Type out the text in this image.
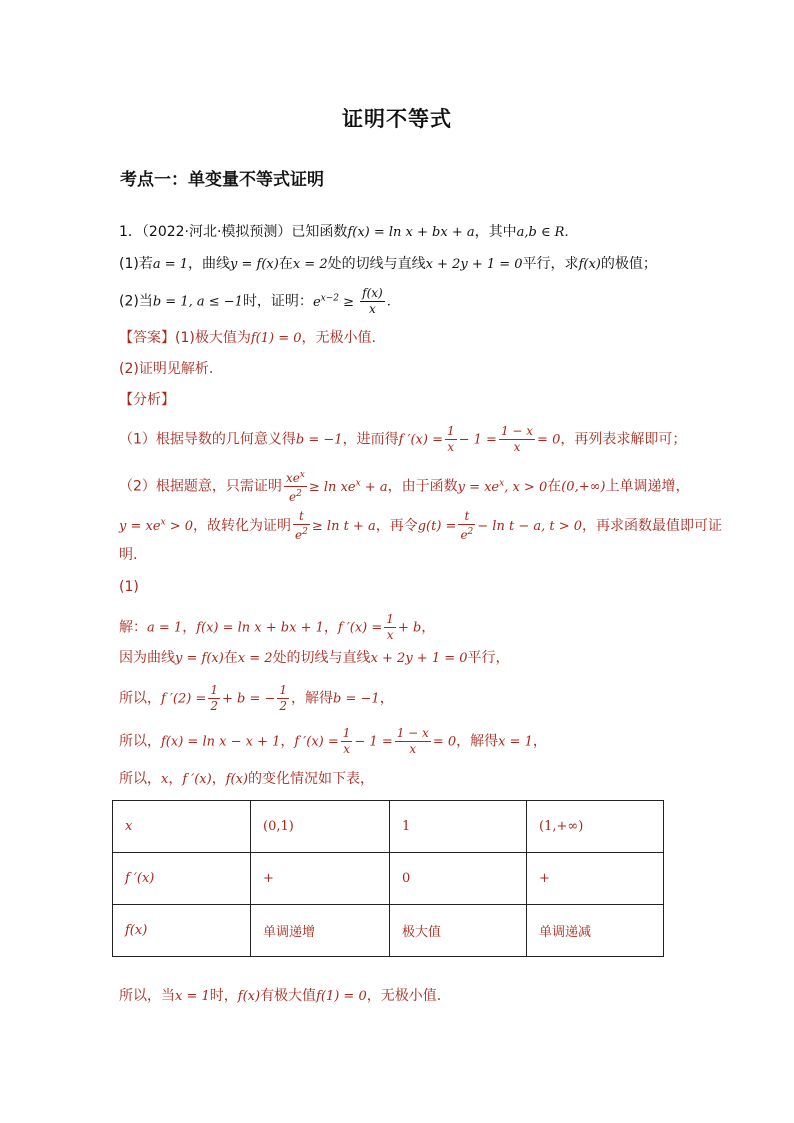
证明不等式
考点一：单变量不等式证明
1．（2022·河北·模拟预测）已知函数f(x) = ln x + bx + a，其中a,b ∈ R.
(1)若a = 1，曲线y = f(x)在x = 2处的切线与直线x + 2y + 1 = 0平行，求f(x)的极值；
(2)当b = 1, a ≤ −1时，证明：$e^{x-2} \ge \frac{f(x)}{x}$ .
【答案】(1)极大值为f(1) = 0，无极小值.
(2)证明见解析.
【分析】
（1）根据导数的几何意义得b = −1，进而得f $'(x) = \frac{1}{x} - 1 = \frac{1 - x}{x} = 0$，再列表求解即可；
（2）根据题意，只需证明 $\frac{xe^x}{e^2} \ge \ln xe^x + a$，由于函数$y = xe^x$, x > 0在(0,+∞)上单调递增，
$y = xe^x > 0$，故转化为证明 $\frac{t}{e^2} \ge \ln t + a$，再令$g(t) = \frac{t}{e^2} - \ln t - a$, t > 0，再求函数最值即可证
明.
(1)
解：a = 1，f(x) = ln x + bx + 1，f $'(x) = \frac{1}{x} + b$，
因为曲线y = f(x)在x = 2处的切线与直线x + 2y + 1 = 0平行，
所以，f $'(2) = \frac{1}{2} + b$ = − $\frac{1}{2}$ ，解得b = −1，
所以，f(x) = ln x − x + 1，f $'(x) = \frac{1}{x} - 1 = \frac{1 - x}{x} = 0$，解得x = 1，
所以，x，f ′(x)，f(x)的变化情况如下表，
x	(0,1)	1	(1,+∞)
f ′(x)	+	0	+
f(x)	单调递增	极大值	单调递减
所以，当x = 1时，f(x)有极大值f(1) = 0，无极小值.
